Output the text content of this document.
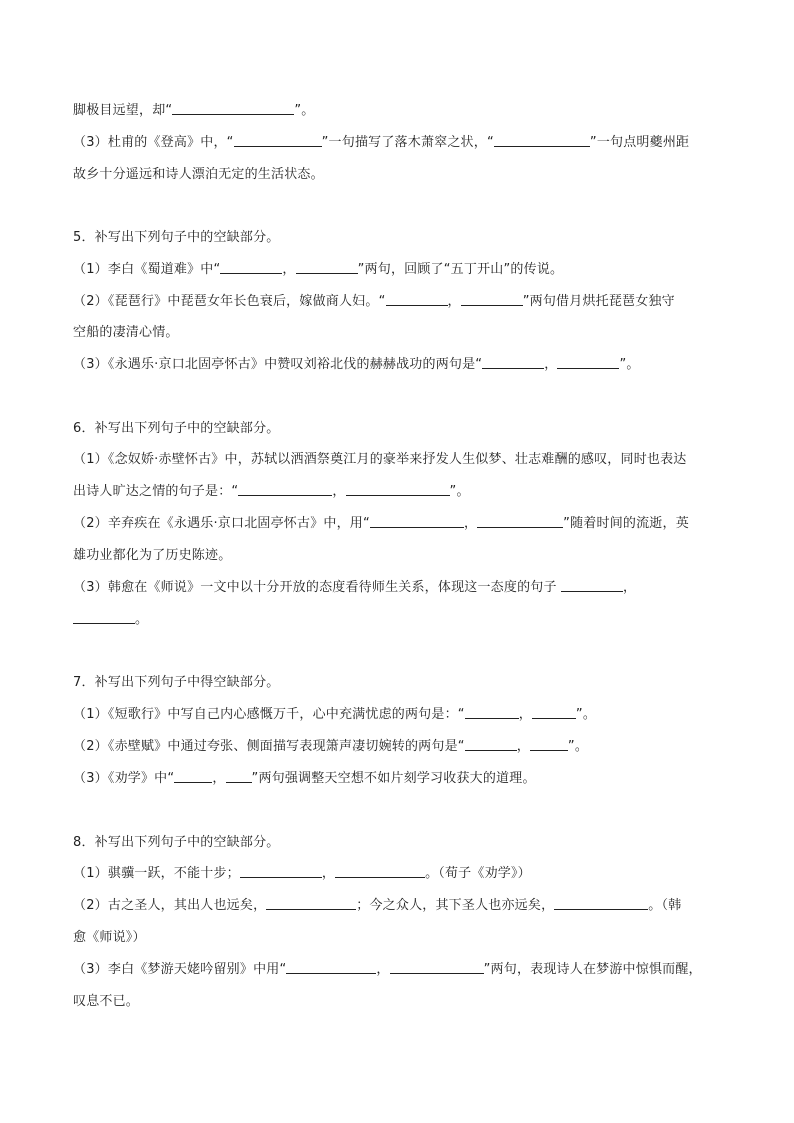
脚极目远望，却“	”。
（3）杜甫的《登高》中，“	”一句描写了落木萧窣之状，“	”一句点明夔州距
故乡十分遥远和诗人漂泊无定的生活状态。
5．补写出下列句子中的空缺部分。
（1）李白《蜀道难》中“	，	”两句，回顾了“五丁开山”的传说。
（2）《琵琶行》中琵琶女年长色衰后，嫁做商人妇。“	，	”两句借月烘托琵琶女独守
空船的凄清心情。
（3）《永遇乐·京口北固亭怀古》中赞叹刘裕北伐的赫赫战功的两句是“	，	”。
6．补写出下列句子中的空缺部分。
（1）《念奴娇·赤壁怀古》中，苏轼以洒酒祭奠江月的豪举来抒发人生似梦、壮志难酬的感叹，同时也表达
出诗人旷达之情的句子是：“	，	”。
（2）辛弃疾在《永遇乐·京口北固亭怀古》中，用“	，	”随着时间的流逝，英
雄功业都化为了历史陈迹。
（3）韩愈在《师说》一文中以十分开放的态度看待师生关系，体现这一态度的句子	，
。
7．补写出下列句子中得空缺部分。
（1）《短歌行》中写自己内心感慨万千，心中充满忧虑的两句是：“	，	”。
（2）《赤壁赋》中通过夸张、侧面描写表现箫声凄切婉转的两句是“	，	”。
（3）《劝学》中“	， ”两句强调整天空想不如片刻学习收获大的道理。
8．补写出下列句子中的空缺部分。
（1）骐骥一跃，不能十步；	，	。（荀子《劝学》）
（2）古之圣人，其出人也远矣，	；今之众人，其下圣人也亦远矣，	。（韩
愈《师说》）
（3）李白《梦游天姥吟留别》中用“	，	”两句，表现诗人在梦游中惊惧而醒，
叹息不已。
